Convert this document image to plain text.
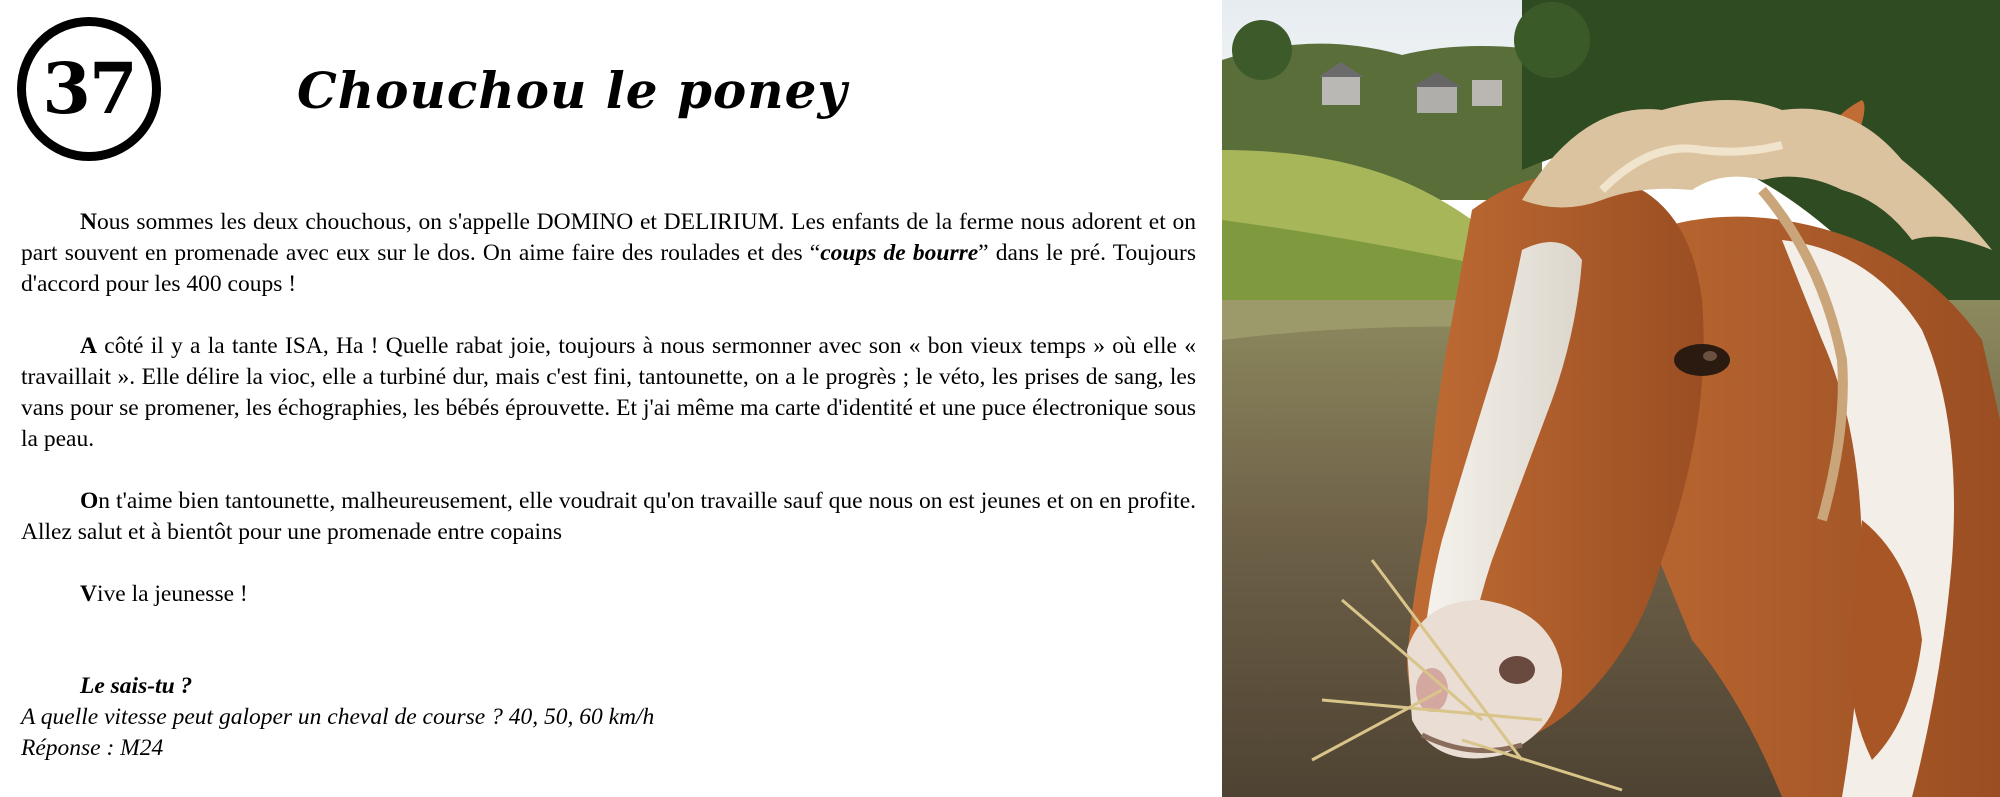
37	Chouchou le poney

Nous sommes les deux chouchous, on s'appelle DOMINO et DELIRIUM. Les enfants de la ferme nous adorent et on part souvent en promenade avec eux sur le dos. On aime faire des roulades et des “coups de bourre” dans le pré. Toujours d'accord pour les 400 coups !

A côté il y a la tante ISA, Ha ! Quelle rabat joie, toujours à nous sermonner avec son « bon vieux temps » où elle « travaillait ». Elle délire la vioc, elle a turbiné dur, mais c'est fini, tantounette, on a le progrès ; le véto, les prises de sang, les vans pour se promener, les échographies, les bébés éprouvette. Et j'ai même ma carte d'identité et une puce électronique sous la peau.

On t'aime bien tantounette, malheureusement, elle voudrait qu'on travaille sauf que nous on est jeunes et on en profite. Allez salut et à bientôt pour une promenade entre copains

Vive la jeunesse !

Le sais-tu ?
A quelle vitesse peut galoper un cheval de course ? 40, 50, 60 km/h
Réponse : M24
